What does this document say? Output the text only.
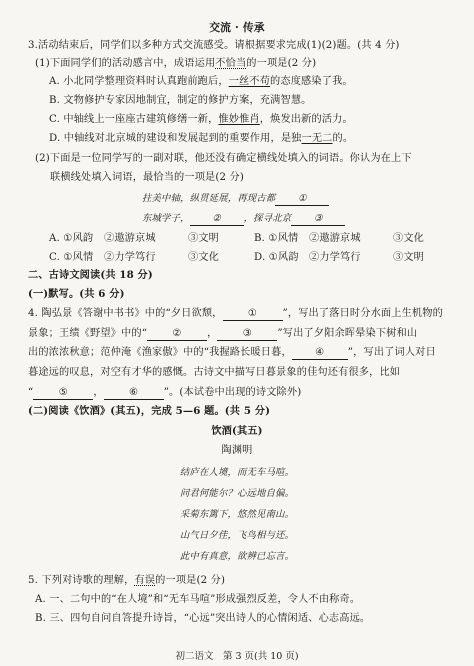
交流 · 传承
3.活动结束后，同学们以多种方式交流感受。请根据要求完成(1)(2)题。(共 4 分)
(1)下面同学们的活动感言中，成语运用不恰当的一项是(2 分)
A. 小北同学整理资料时认真跑前跑后，一丝不苟的态度感染了我。
B. 文物修护专家因地制宜，制定的修护方案，充满智慧。
C. 中轴线上一座座古建筑修缮一新，惟妙惟肖，焕发出新的活力。
D. 中轴线对北京城的建设和发展起到的重要作用，是独一无二的。
(2)下面是一位同学写的一副对联，他还没有确定横线处填入的词语。你认为在上下
联横线处填入词语，最恰当的一项是(2 分)
拄美中轴，纵贯延展，再现古都 ①
东城学子， ② ，探寻北京 ③
A. ①风韵 ②遨游京城	③文明	B. ①风情 ②遨游京城	③文化
C. ①风情 ②力学笃行	③文化	D. ①风韵 ②力学笃行	③文明
二、古诗文阅读(共 18 分)
(一)默写。(共 6 分)
4. 陶弘景《答谢中书书》中的“夕日欲颓， ① ”，写出了落日时分水面上生机物的
景象；王绩《野望》中的“ ② ， ③ ”写出了夕阳余晖晕染下树和山
出的浓浓秋意；范仲淹《渔家傲》中的“我握路长暖日暮， ④ ”，写出了词人对日
暮途远的叹息，对空有才华的感慨。古诗文中描写日暮景象的佳句还有很多，比如
“ ⑤ ， ⑥ ”。(本试卷中出现的诗文除外)
(二)阅读《饮酒》(其五)，完成 5—6 题。(共 5 分)
饮酒(其五)
陶渊明
结庐在人境，而无车马喧。
问君何能尔？心远地自偏。
采菊东篱下，悠然见南山。
山气日夕佳，飞鸟相与还。
此中有真意，欲辨已忘言。
5. 下列对诗歌的理解，有误的一项是(2 分)
A. 一、二句中的“在人境”和“无车马喧”形成强烈反差，令人不由称奇。
B. 三、四句自问自答提升诗旨，“心远”突出诗人的心情闲适、心志高远。
初二语文　第 3 页(共 10 页)
